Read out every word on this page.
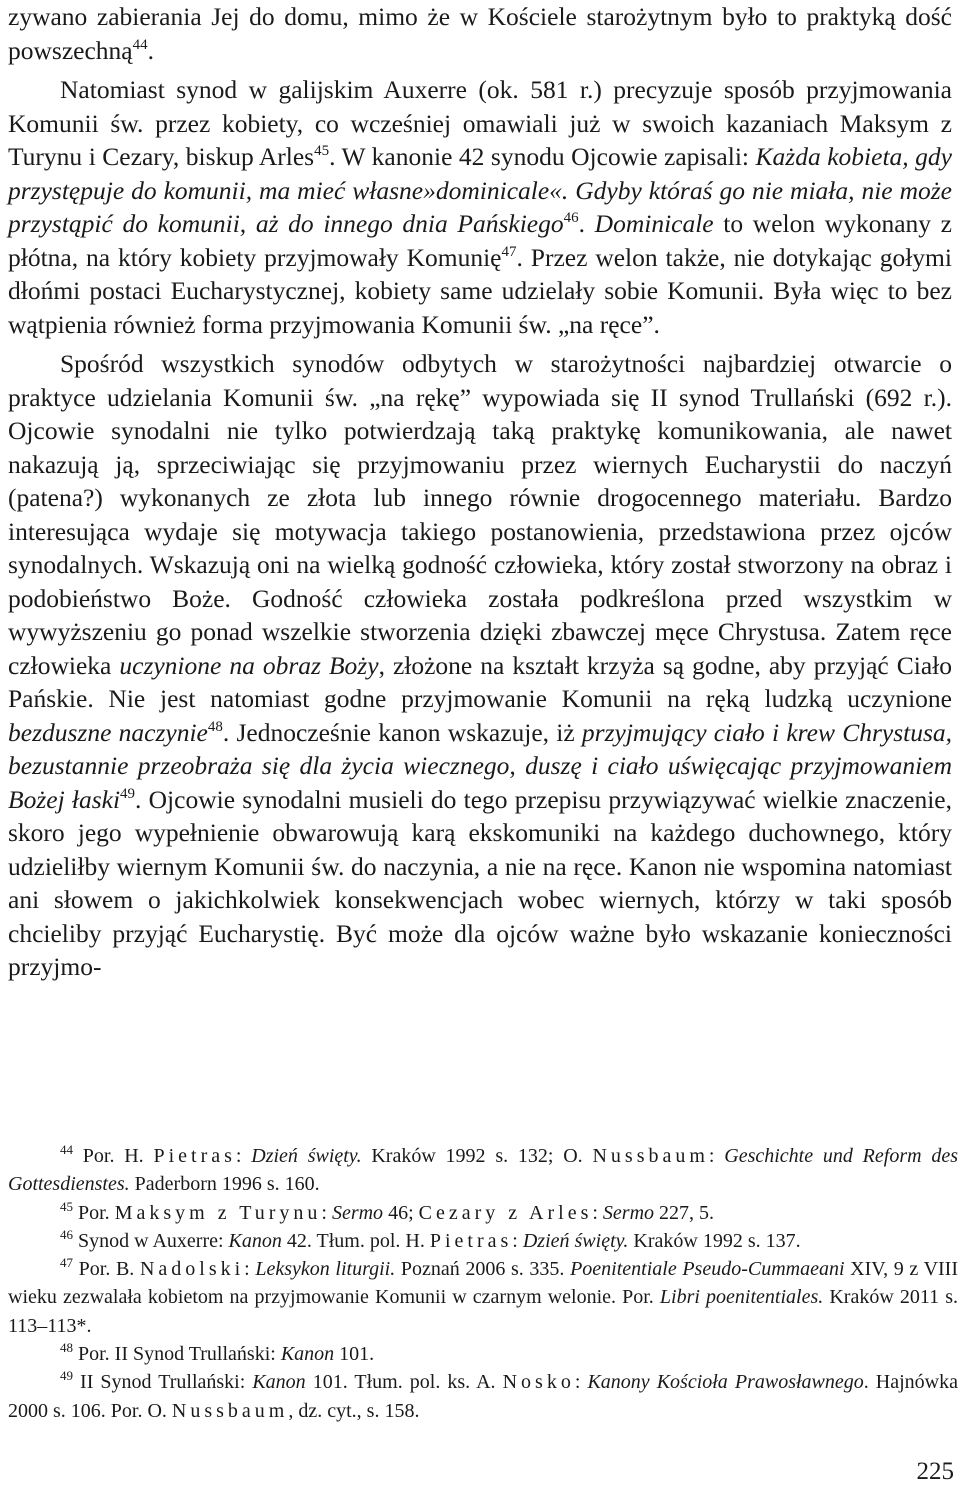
zywano zabierania Jej do domu, mimo że w Kościele starożytnym było to praktyką dość powszechną$^{44}$.

Natomiast synod w galijskim Auxerre (ok. 581 r.) precyzuje sposób przyjmowania Komunii św. przez kobiety, co wcześniej omawiali już w swoich kazaniach Maksym z Turynu i Cezary, biskup Arles$^{45}$. W kanonie 42 synodu Ojcowie zapisali: Każda kobieta, gdy przystępuje do komunii, ma mieć własne»dominicale«. Gdyby któraś go nie miała, nie może przystąpić do komunii, aż do innego dnia Pańskiego$^{46}$. Dominicale to welon wykonany z płótna, na który kobiety przyjmowały Komunię$^{47}$. Przez welon także, nie dotykając gołymi dłońmi postaci Eucharystycznej, kobiety same udzielały sobie Komunii. Była więc to bez wątpienia również forma przyjmowania Komunii św. „na ręce”.

Spośród wszystkich synodów odbytych w starożytności najbardziej otwarcie o praktyce udzielania Komunii św. „na rękę” wypowiada się II synod Trullański (692 r.). Ojcowie synodalni nie tylko potwierdzają taką praktykę komunikowania, ale nawet nakazują ją, sprzeciwiając się przyjmowaniu przez wiernych Eucharystii do naczyń (patena?) wykonanych ze złota lub innego równie drogocennego materiału. Bardzo interesująca wydaje się motywacja takiego postanowienia, przedstawiona przez ojców synodalnych. Wskazują oni na wielką godność człowieka, który został stworzony na obraz i podobieństwo Boże. Godność człowieka została podkreślona przed wszystkim w wywyższeniu go ponad wszelkie stworzenia dzięki zbawczej męce Chrystusa. Zatem ręce człowieka uczynione na obraz Boży, złożone na kształt krzyża są godne, aby przyjąć Ciało Pańskie. Nie jest natomiast godne przyjmowanie Komunii na ręką ludzką uczynione bezduszne naczynie$^{48}$. Jednocześnie kanon wskazuje, iż przyjmujący ciało i krew Chrystusa, bezustannie przeobraża się dla życia wiecznego, duszę i ciało uświęcając przyjmowaniem Bożej łaski$^{49}$. Ojcowie synodalni musieli do tego przepisu przywiązywać wielkie znaczenie, skoro jego wypełnienie obwarowują karą ekskomuniki na każdego duchownego, który udzieliłby wiernym Komunii św. do naczynia, a nie na ręce. Kanon nie wspomina natomiast ani słowem o jakichkolwiek konsekwencjach wobec wiernych, którzy w taki sposób chcieliby przyjąć Eucharystię. Być może dla ojców ważne było wskazanie konieczności przyjmo-

$^{44}$ Por. H. Pietras: Dzień święty. Kraków 1992 s. 132; O. Nussbaum: Geschichte und Reform des Gottesdienstes. Paderborn 1996 s. 160.

$^{45}$ Por. Maksym z Turynu: Sermo 46; Cezary z Arles: Sermo 227, 5.

$^{46}$ Synod w Auxerre: Kanon 42. Tłum. pol. H. Pietras: Dzień święty. Kraków 1992 s. 137.

$^{47}$ Por. B. Nadolski: Leksykon liturgii. Poznań 2006 s. 335. Poenitentiale Pseudo-Cummaeani XIV, 9 z VIII wieku zezwalała kobietom na przyjmowanie Komunii w czarnym welonie. Por. Libri poenitentiales. Kraków 2011 s. 113–113*.

$^{48}$ Por. II Synod Trullański: Kanon 101.

$^{49}$ II Synod Trullański: Kanon 101. Tłum. pol. ks. A. Nosko: Kanony Kościoła Prawosławnego. Hajnówka 2000 s. 106. Por. O. Nussbaum, dz. cyt., s. 158.

225
